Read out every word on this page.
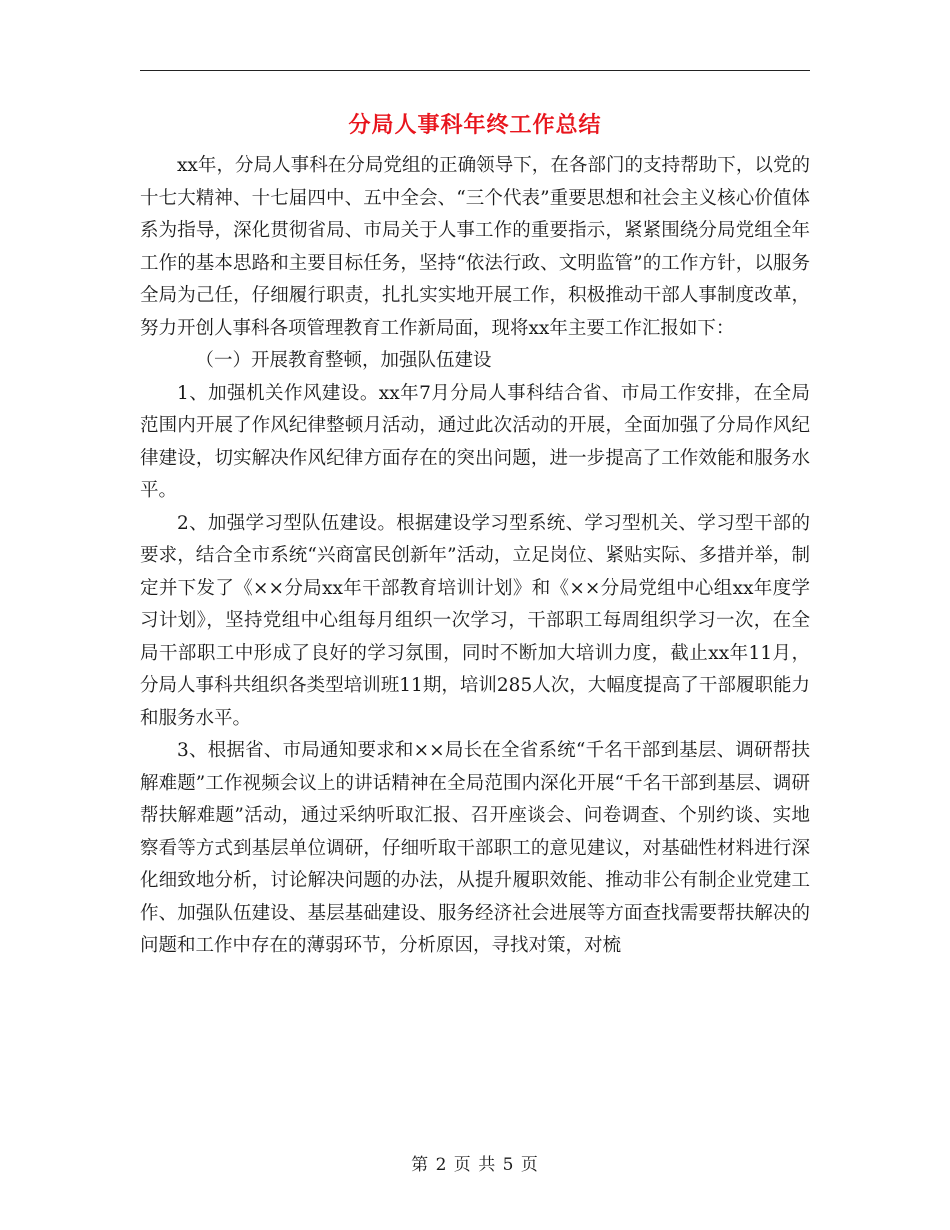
分局人事科年终工作总结

xx年，分局人事科在分局党组的正确领导下，在各部门的支持帮助下，以党的十七大精神、十七届四中、五中全会、“三个代表”重要思想和社会主义核心价值体系为指导，深化贯彻省局、市局关于人事工作的重要指示，紧紧围绕分局党组全年工作的基本思路和主要目标任务，坚持“依法行政、文明监管”的工作方针，以服务全局为己任，仔细履行职责，扎扎实实地开展工作，积极推动干部人事制度改革，努力开创人事科各项管理教育工作新局面，现将xx年主要工作汇报如下：

（一）开展教育整顿，加强队伍建设

1、加强机关作风建设。xx年7月分局人事科结合省、市局工作安排，在全局范围内开展了作风纪律整顿月活动，通过此次活动的开展，全面加强了分局作风纪律建设，切实解决作风纪律方面存在的突出问题，进一步提高了工作效能和服务水平。

2、加强学习型队伍建设。根据建设学习型系统、学习型机关、学习型干部的要求，结合全市系统“兴商富民创新年”活动，立足岗位、紧贴实际、多措并举，制定并下发了《××分局xx年干部教育培训计划》和《××分局党组中心组xx年度学习计划》，坚持党组中心组每月组织一次学习，干部职工每周组织学习一次，在全局干部职工中形成了良好的学习氛围，同时不断加大培训力度，截止xx年11月，分局人事科共组织各类型培训班11期，培训285人次，大幅度提高了干部履职能力和服务水平。

3、根据省、市局通知要求和××局长在全省系统“千名干部到基层、调研帮扶解难题”工作视频会议上的讲话精神在全局范围内深化开展“千名干部到基层、调研帮扶解难题”活动，通过采纳听取汇报、召开座谈会、问卷调查、个别约谈、实地察看等方式到基层单位调研，仔细听取干部职工的意见建议，对基础性材料进行深化细致地分析，讨论解决问题的办法，从提升履职效能、推动非公有制企业党建工作、加强队伍建设、基层基础建设、服务经济社会进展等方面查找需要帮扶解决的问题和工作中存在的薄弱环节，分析原因，寻找对策，对梳

第 2 页 共 5 页
